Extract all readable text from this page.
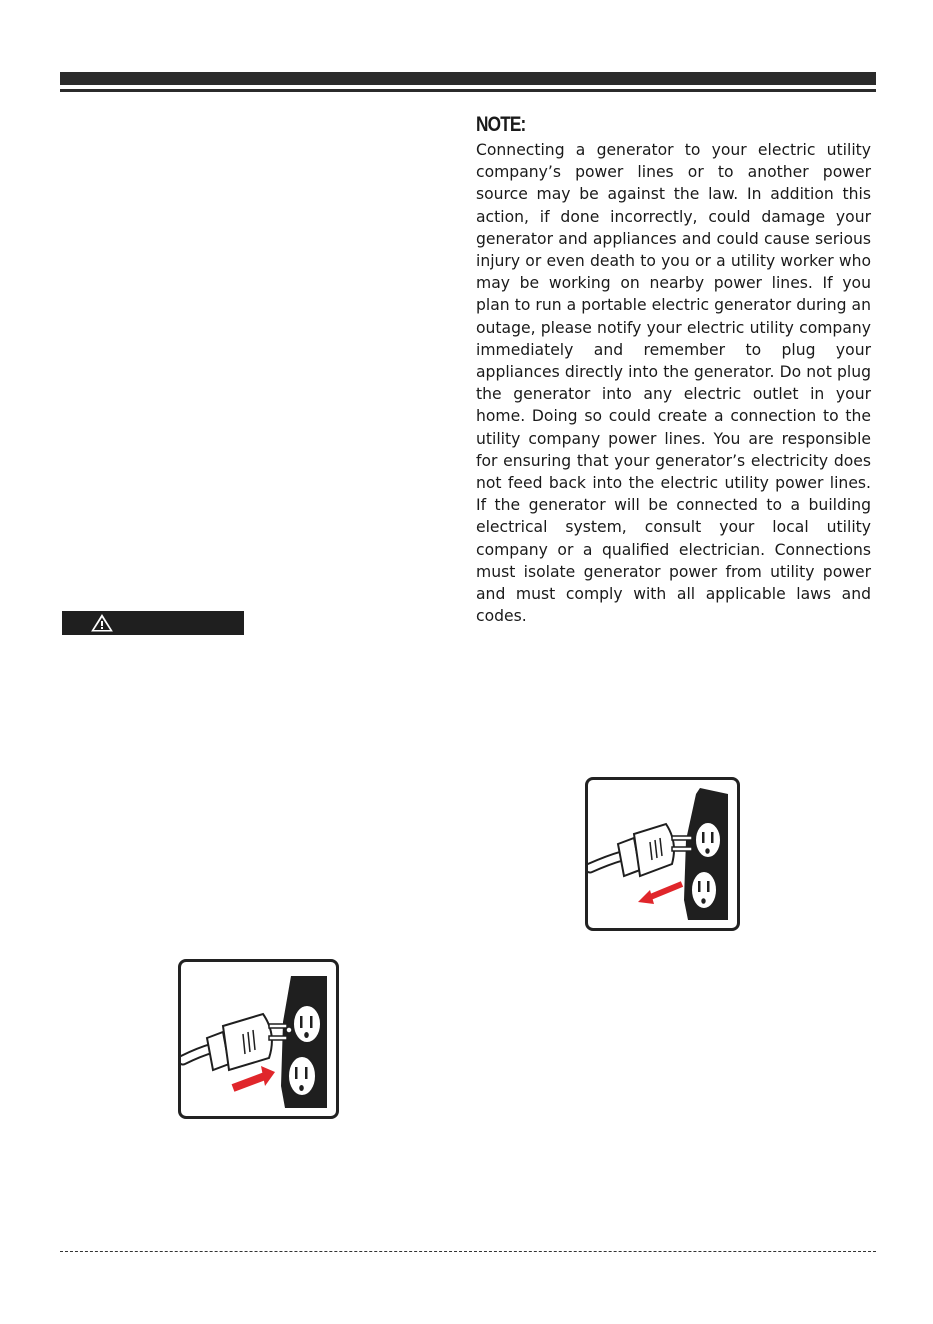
NOTE:
Connecting a generator to your electric utility company’s power lines or to another power source may be against the law. In addition this action, if done incorrectly, could damage your generator and appliances and could cause serious injury or even death to you or a utility worker who may be working on nearby power lines. If you plan to run a portable electric generator during an outage, please notify your electric utility company immediately and remember to plug your appliances directly into the generator. Do not plug the generator into any electric outlet in your home. Doing so could create a connection to the utility company power lines. You are responsible for ensuring that your generator’s electricity does not feed back into the electric utility power lines. If the generator will be connected to a building electrical system, consult your local utility company or a qualified electrician. Connections must isolate generator power from utility power and must comply with all applicable laws and codes.
